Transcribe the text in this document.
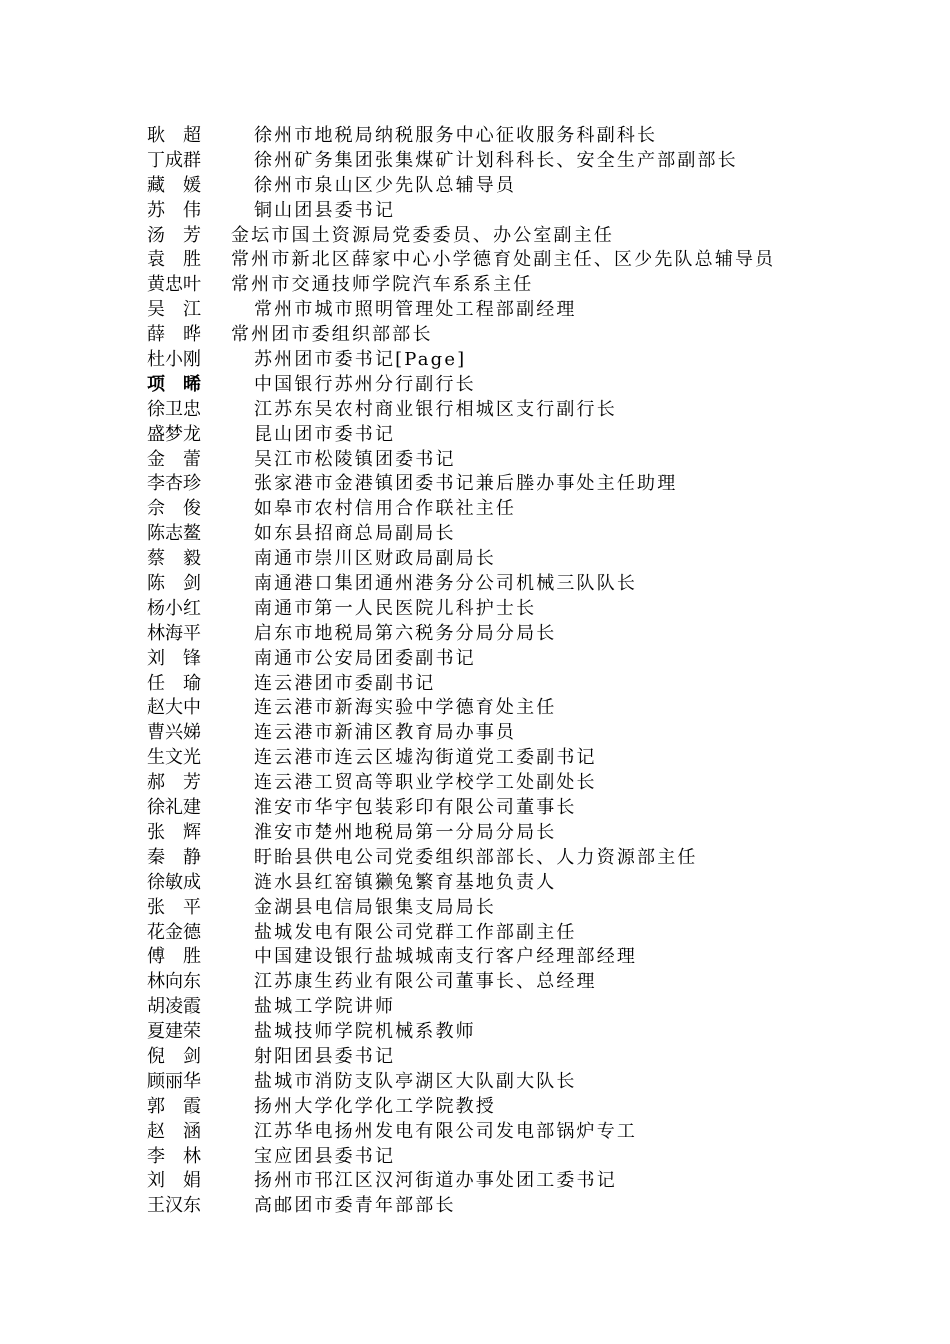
耿　超	徐州市地税局纳税服务中心征收服务科副科长
丁成群	徐州矿务集团张集煤矿计划科科长、安全生产部副部长
藏　媛	徐州市泉山区少先队总辅导员
苏　伟	铜山团县委书记
汤　芳	金坛市国土资源局党委委员、办公室副主任
袁　胜	常州市新北区薛家中心小学德育处副主任、区少先队总辅导员
黄忠叶	常州市交通技师学院汽车系系主任
吴　江	常州市城市照明管理处工程部副经理
薛　晔	常州团市委组织部部长
杜小刚	苏州团市委书记[Page]
项　晞	中国银行苏州分行副行长
徐卫忠	江苏东吴农村商业银行相城区支行副行长
盛梦龙	昆山团市委书记
金　蕾	吴江市松陵镇团委书记
李杏珍	张家港市金港镇团委书记兼后塍办事处主任助理
佘　俊	如皋市农村信用合作联社主任
陈志鳌	如东县招商总局副局长
蔡　毅	南通市崇川区财政局副局长
陈　剑	南通港口集团通州港务分公司机械三队队长
杨小红	南通市第一人民医院儿科护士长
林海平	启东市地税局第六税务分局分局长
刘　锋	南通市公安局团委副书记
任　瑜	连云港团市委副书记
赵大中	连云港市新海实验中学德育处主任
曹兴娣	连云港市新浦区教育局办事员
生文光	连云港市连云区墟沟街道党工委副书记
郝　芳	连云港工贸高等职业学校学工处副处长
徐礼建	淮安市华宇包装彩印有限公司董事长
张　辉	淮安市楚州地税局第一分局分局长
秦　静	盱眙县供电公司党委组织部部长、人力资源部主任
徐敏成	涟水县红窑镇獭兔繁育基地负责人
张　平	金湖县电信局银集支局局长
花金德	盐城发电有限公司党群工作部副主任
傅　胜	中国建设银行盐城城南支行客户经理部经理
林向东	江苏康生药业有限公司董事长、总经理
胡凌霞	盐城工学院讲师
夏建荣	盐城技师学院机械系教师
倪　剑	射阳团县委书记
顾丽华	盐城市消防支队亭湖区大队副大队长
郭　霞	扬州大学化学化工学院教授
赵　涵	江苏华电扬州发电有限公司发电部锅炉专工
李　林	宝应团县委书记
刘　娟	扬州市邗江区汉河街道办事处团工委书记
王汉东	高邮团市委青年部部长
